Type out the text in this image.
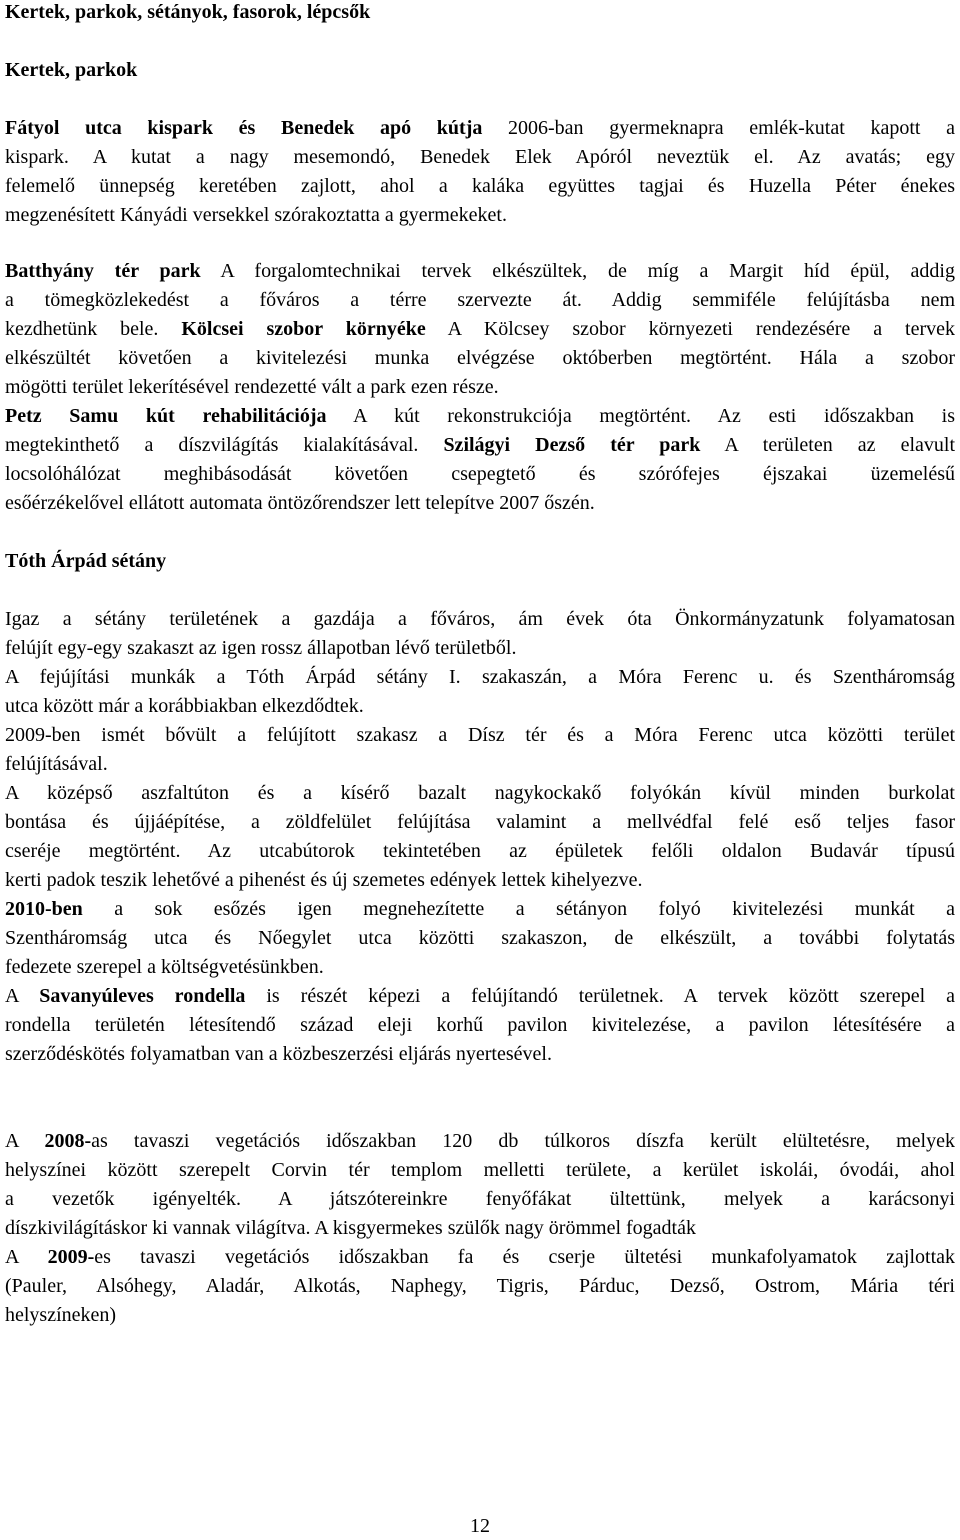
Kertek, parkok, sétányok, fasorok, lépcsők
Kertek, parkok
Fátyol utca kispark és Benedek apó kútja 2006-ban gyermeknapra emlék-kutat kapott a
kispark. A kutat a nagy mesemondó, Benedek Elek Apóról neveztük el. Az avatás; egy
felemelő ünnepség keretében zajlott, ahol a kaláka együttes tagjai és Huzella Péter énekes
megzenésített Kányádi versekkel szórakoztatta a gyermekeket.
Batthyány tér park A forgalomtechnikai tervek elkészültek, de míg a Margit híd épül, addig
a tömegközlekedést a főváros a térre szervezte át. Addig semmiféle felújításba nem
kezdhetünk bele. Kölcsei szobor környéke A Kölcsey szobor környezeti rendezésére a tervek
elkészültét követően a kivitelezési munka elvégzése októberben megtörtént. Hála a szobor
mögötti terület lekerítésével rendezetté vált a park ezen része.
Petz Samu kút rehabilitációja A kút rekonstrukciója megtörtént. Az esti időszakban is
megtekinthető a díszvilágítás kialakításával. Szilágyi Dezső tér park A területen az elavult
locsolóhálózat meghibásodását követően csepegtető és szórófejes éjszakai üzemelésű
esőérzékelővel ellátott automata öntözőrendszer lett telepítve 2007 őszén.
Tóth Árpád sétány
Igaz a sétány területének a gazdája a főváros, ám évek óta Önkormányzatunk folyamatosan
felújít egy-egy szakaszt az igen rossz állapotban lévő területből.
A fejújítási munkák a Tóth Árpád sétány I. szakaszán, a Móra Ferenc u. és Szentháromság
utca között már a korábbiakban elkezdődtek.
2009-ben ismét bővült a felújított szakasz a Dísz tér és a Móra Ferenc utca közötti terület
felújításával.
A középső aszfaltúton és a kísérő bazalt nagykockakő folyókán kívül minden burkolat
bontása és újjáépítése, a zöldfelület felújítása valamint a mellvédfal felé eső teljes fasor
cseréje megtörtént. Az utcabútorok tekintetében az épületek felőli oldalon Budavár típusú
kerti padok teszik lehetővé a pihenést és új szemetes edények lettek kihelyezve.
2010-ben a sok esőzés igen megnehezítette a sétányon folyó kivitelezési munkát a
Szentháromság utca és Nőegylet utca közötti szakaszon, de elkészült, a további folytatás
fedezete szerepel a költségvetésünkben.
A Savanyúleves rondella is részét képezi a felújítandó területnek. A tervek között szerepel a
rondella területén létesítendő század eleji korhű pavilon kivitelezése, a pavilon létesítésére a
szerződéskötés folyamatban van a közbeszerzési eljárás nyertesével.
A 2008-as tavaszi vegetációs időszakban 120 db túlkoros díszfa került elültetésre, melyek
helyszínei között szerepelt Corvin tér templom melletti területe, a kerület iskolái, óvodái, ahol
a vezetők igényelték. A játszótereinkre fenyőfákat ültettünk, melyek a karácsonyi
díszkivilágításkor ki vannak világítva. A kisgyermekes szülők nagy örömmel fogadták
A 2009-es tavaszi vegetációs időszakban fa és cserje ültetési munkafolyamatok zajlottak
(Pauler, Alsóhegy, Aladár, Alkotás, Naphegy, Tigris, Párduc, Dezső, Ostrom, Mária téri
helyszíneken)
12
